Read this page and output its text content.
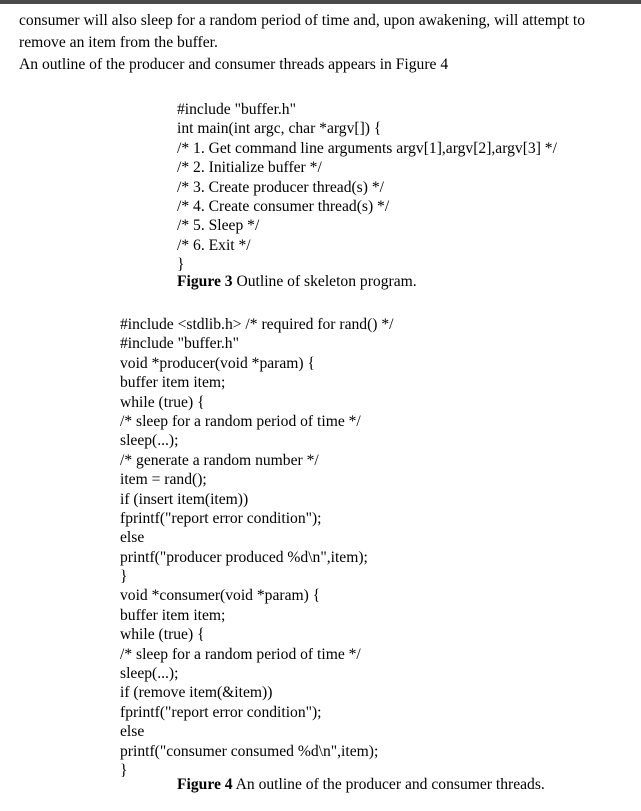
consumer will also sleep for a random period of time and, upon awakening, will attempt to

remove an item from the buffer.

An outline of the producer and consumer threads appears in Figure 4

#include "buffer.h"
int main(int argc, char *argv[]) {
/* 1. Get command line arguments argv[1],argv[2],argv[3] */
/* 2. Initialize buffer */
/* 3. Create producer thread(s) */
/* 4. Create consumer thread(s) */
/* 5. Sleep */
/* 6. Exit */
}
Figure 3 Outline of skeleton program.
#include <stdlib.h> /* required for rand() */
#include "buffer.h"
void *producer(void *param) {
buffer item item;
while (true) {
/* sleep for a random period of time */
sleep(...);
/* generate a random number */
item = rand();
if (insert item(item))
fprintf("report error condition");
else
printf("producer produced %d\n",item);
}
void *consumer(void *param) {
buffer item item;
while (true) {
/* sleep for a random period of time */
sleep(...);
if (remove item(&item))
fprintf("report error condition");
else
printf("consumer consumed %d\n",item);
}
Figure 4 An outline of the producer and consumer threads.
